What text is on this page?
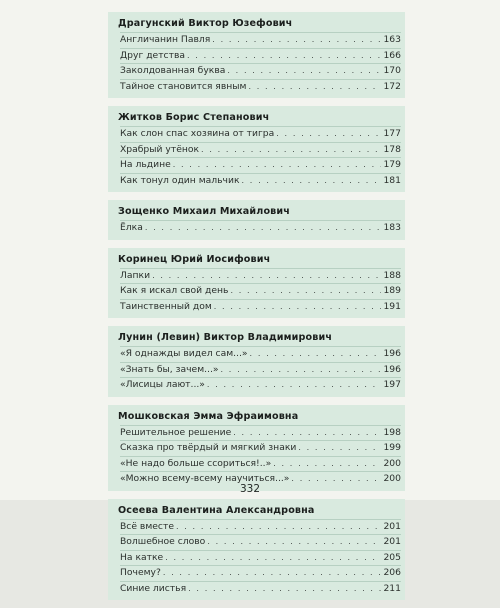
Драгунский Виктор Юзефович
Англичанин Павля . . .	163
Друг детства . . .	166
Заколдованная буква . . .	170
Тайное становится явным . . .	172
Житков Борис Степанович
Как слон спас хозяина от тигра . . .	177
Храбрый утёнок . . .	178
На льдине . . .	179
Как тонул один мальчик . . .	181
Зощенко Михаил Михайлович
Ёлка . . .	183
Коринец Юрий Иосифович
Лапки . . .	188
Как я искал свой день . . .	189
Таинственный дом . . .	191
Лунин (Левин) Виктор Владимирович
«Я однажды видел сам...» . . .	196
«Знать бы, зачем...» . . .	196
«Лисицы лают...» . . .	197
Мошковская Эмма Эфраимовна
Решительное решение . . .	198
Сказка про твёрдый и мягкий знаки . . .	199
«Не надо больше ссориться!..» . . .	200
«Можно всему-всему научиться...» . . .	200
Осеева Валентина Александровна
Всё вместе . . .	201
Волшебное слово . . .	201
На катке . . .	205
Почему? . . .	206
Синие листья . . .	211
332
